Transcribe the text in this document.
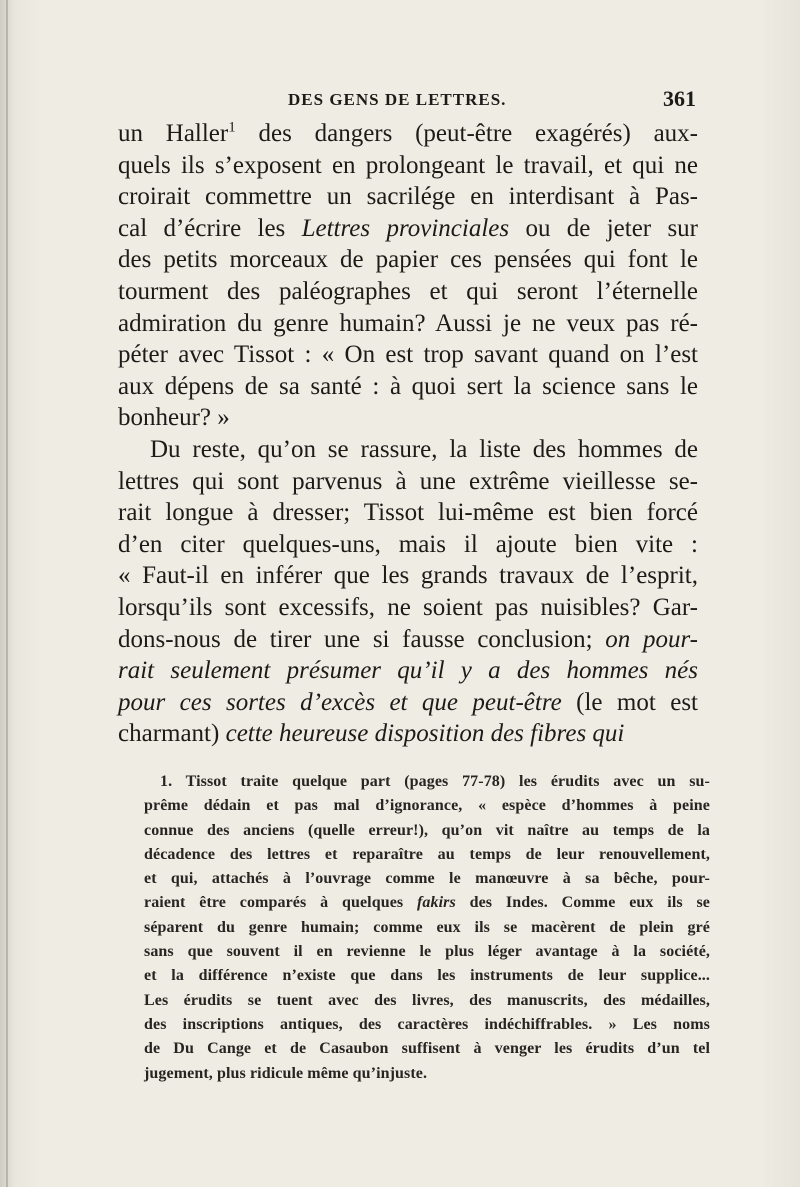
DES GENS DE LETTRES.	361
un Haller$^1$ des dangers (peut-être exagérés) aux-
quels ils s’exposent en prolongeant le travail, et qui ne
croirait commettre un sacrilége en interdisant à Pas-
cal d’écrire les Lettres provinciales ou de jeter sur
des petits morceaux de papier ces pensées qui font le
tourment des paléographes et qui seront l’éternelle
admiration du genre humain? Aussi je ne veux pas ré-
péter avec Tissot : « On est trop savant quand on l’est
aux dépens de sa santé : à quoi sert la science sans le
bonheur? »
Du reste, qu’on se rassure, la liste des hommes de
lettres qui sont parvenus à une extrême vieillesse se-
rait longue à dresser; Tissot lui-même est bien forcé
d’en citer quelques-uns, mais il ajoute bien vite :
« Faut-il en inférer que les grands travaux de l’esprit,
lorsqu’ils sont excessifs, ne soient pas nuisibles? Gar-
dons-nous de tirer une si fausse conclusion; on pour-
rait seulement présumer qu’il y a des hommes nés
pour ces sortes d’excès et que peut-être (le mot est
charmant) cette heureuse disposition des fibres qui
1. Tissot traite quelque part (pages 77-78) les érudits avec un su-
prême dédain et pas mal d’ignorance, « espèce d’hommes à peine
connue des anciens (quelle erreur!), qu’on vit naître au temps de la
décadence des lettres et reparaître au temps de leur renouvellement,
et qui, attachés à l’ouvrage comme le manœuvre à sa bêche, pour-
raient être comparés à quelques fakirs des Indes. Comme eux ils se
séparent du genre humain; comme eux ils se macèrent de plein gré
sans que souvent il en revienne le plus léger avantage à la société,
et la différence n’existe que dans les instruments de leur supplice...
Les érudits se tuent avec des livres, des manuscrits, des médailles,
des inscriptions antiques, des caractères indéchiffrables. » Les noms
de Du Cange et de Casaubon suffisent à venger les érudits d’un tel
jugement, plus ridicule même qu’injuste.
